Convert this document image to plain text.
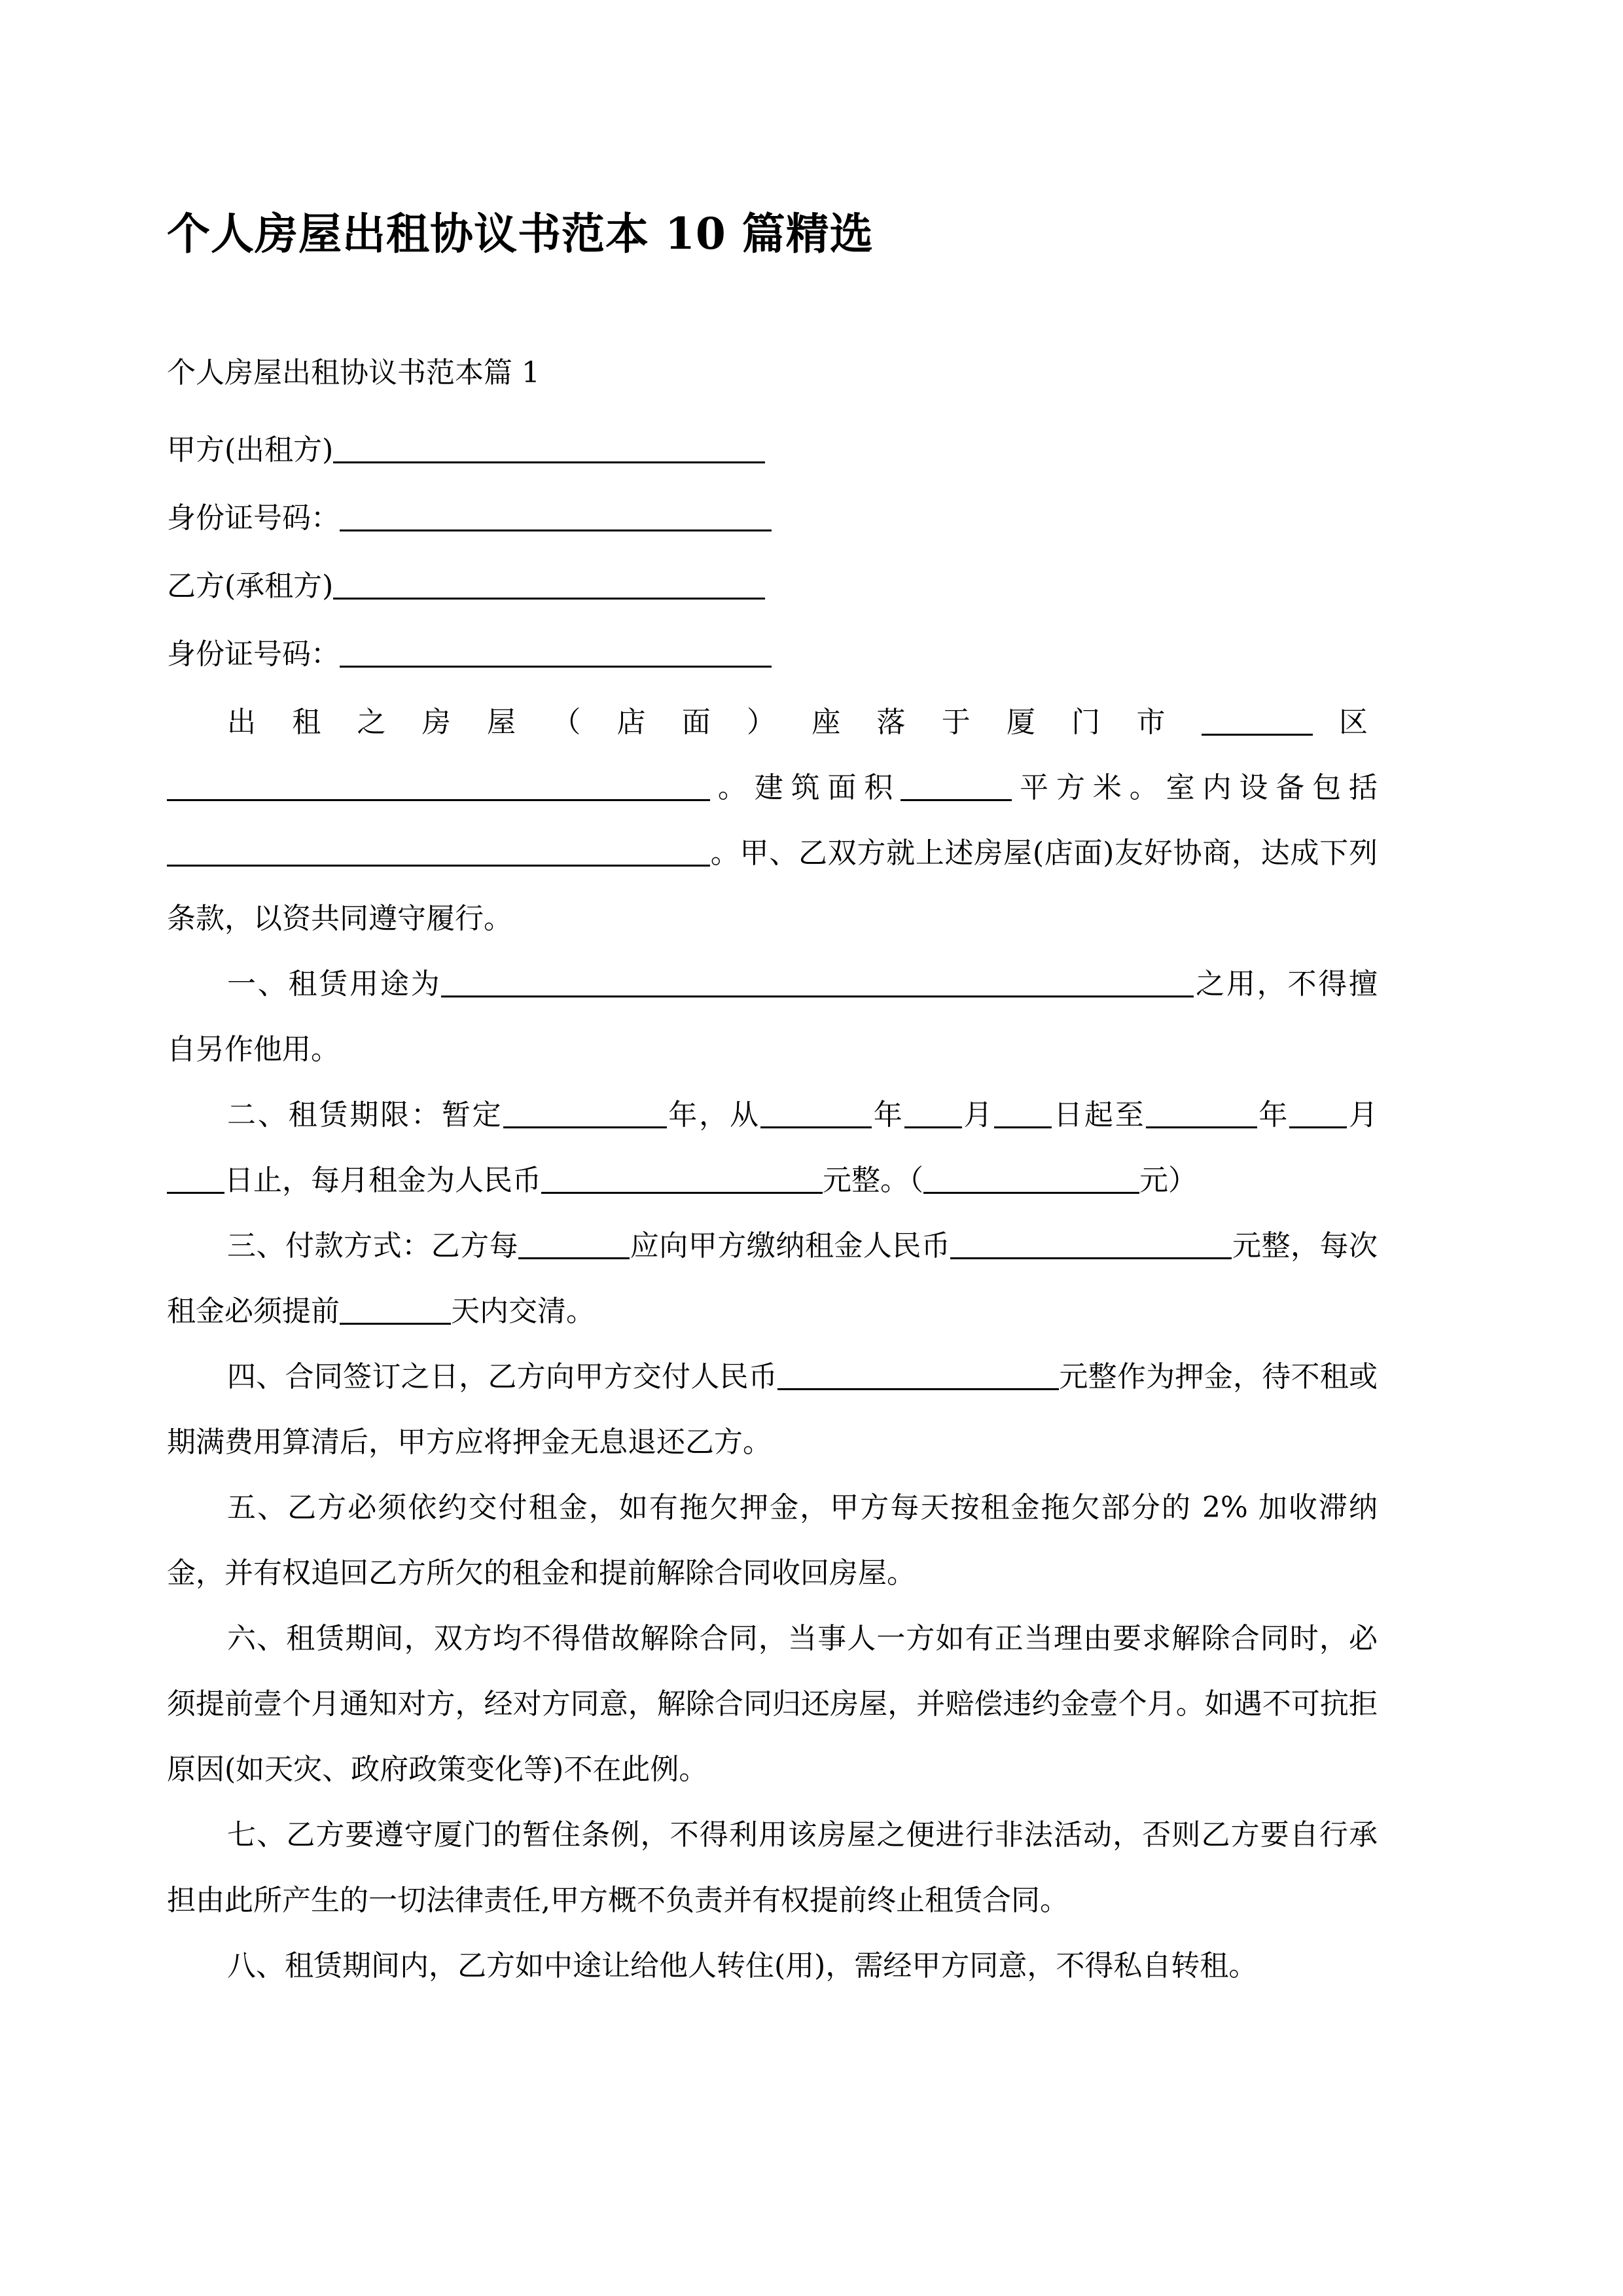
个人房屋出租协议书范本 10 篇精选

个人房屋出租协议书范本篇 1

甲方(出租方)

身份证号码：

乙方(承租方)

身份证号码：

出租之房屋（店面）座落于厦门市	区。建筑面积	平方米。室内设备包括。甲、乙双方就上述房屋(店面)友好协商，达成下列条款，以资共同遵守履行。

一、租赁用途为	之用，不得擅自另作他用。

二、租赁期限：暂定	年，从	年 月 日起至	年 月日止，每月租金为人民币	元整。（	元）

三、付款方式：乙方每	应向甲方缴纳租金人民币	元整，每次租金必须提前	天内交清。

四、合同签订之日，乙方向甲方交付人民币	元整作为押金，待不租或期满费用算清后，甲方应将押金无息退还乙方。

五、乙方必须依约交付租金，如有拖欠押金，甲方每天按租金拖欠部分的 2% 加收滞纳金，并有权追回乙方所欠的租金和提前解除合同收回房屋。

六、租赁期间，双方均不得借故解除合同，当事人一方如有正当理由要求解除合同时，必须提前壹个月通知对方，经对方同意，解除合同归还房屋，并赔偿违约金壹个月。如遇不可抗拒原因(如天灾、政府政策变化等)不在此例。

七、乙方要遵守厦门的暂住条例，不得利用该房屋之便进行非法活动，否则乙方要自行承担由此所产生的一切法律责任,甲方概不负责并有权提前终止租赁合同。

八、租赁期间内，乙方如中途让给他人转住(用)，需经甲方同意，不得私自转租。
